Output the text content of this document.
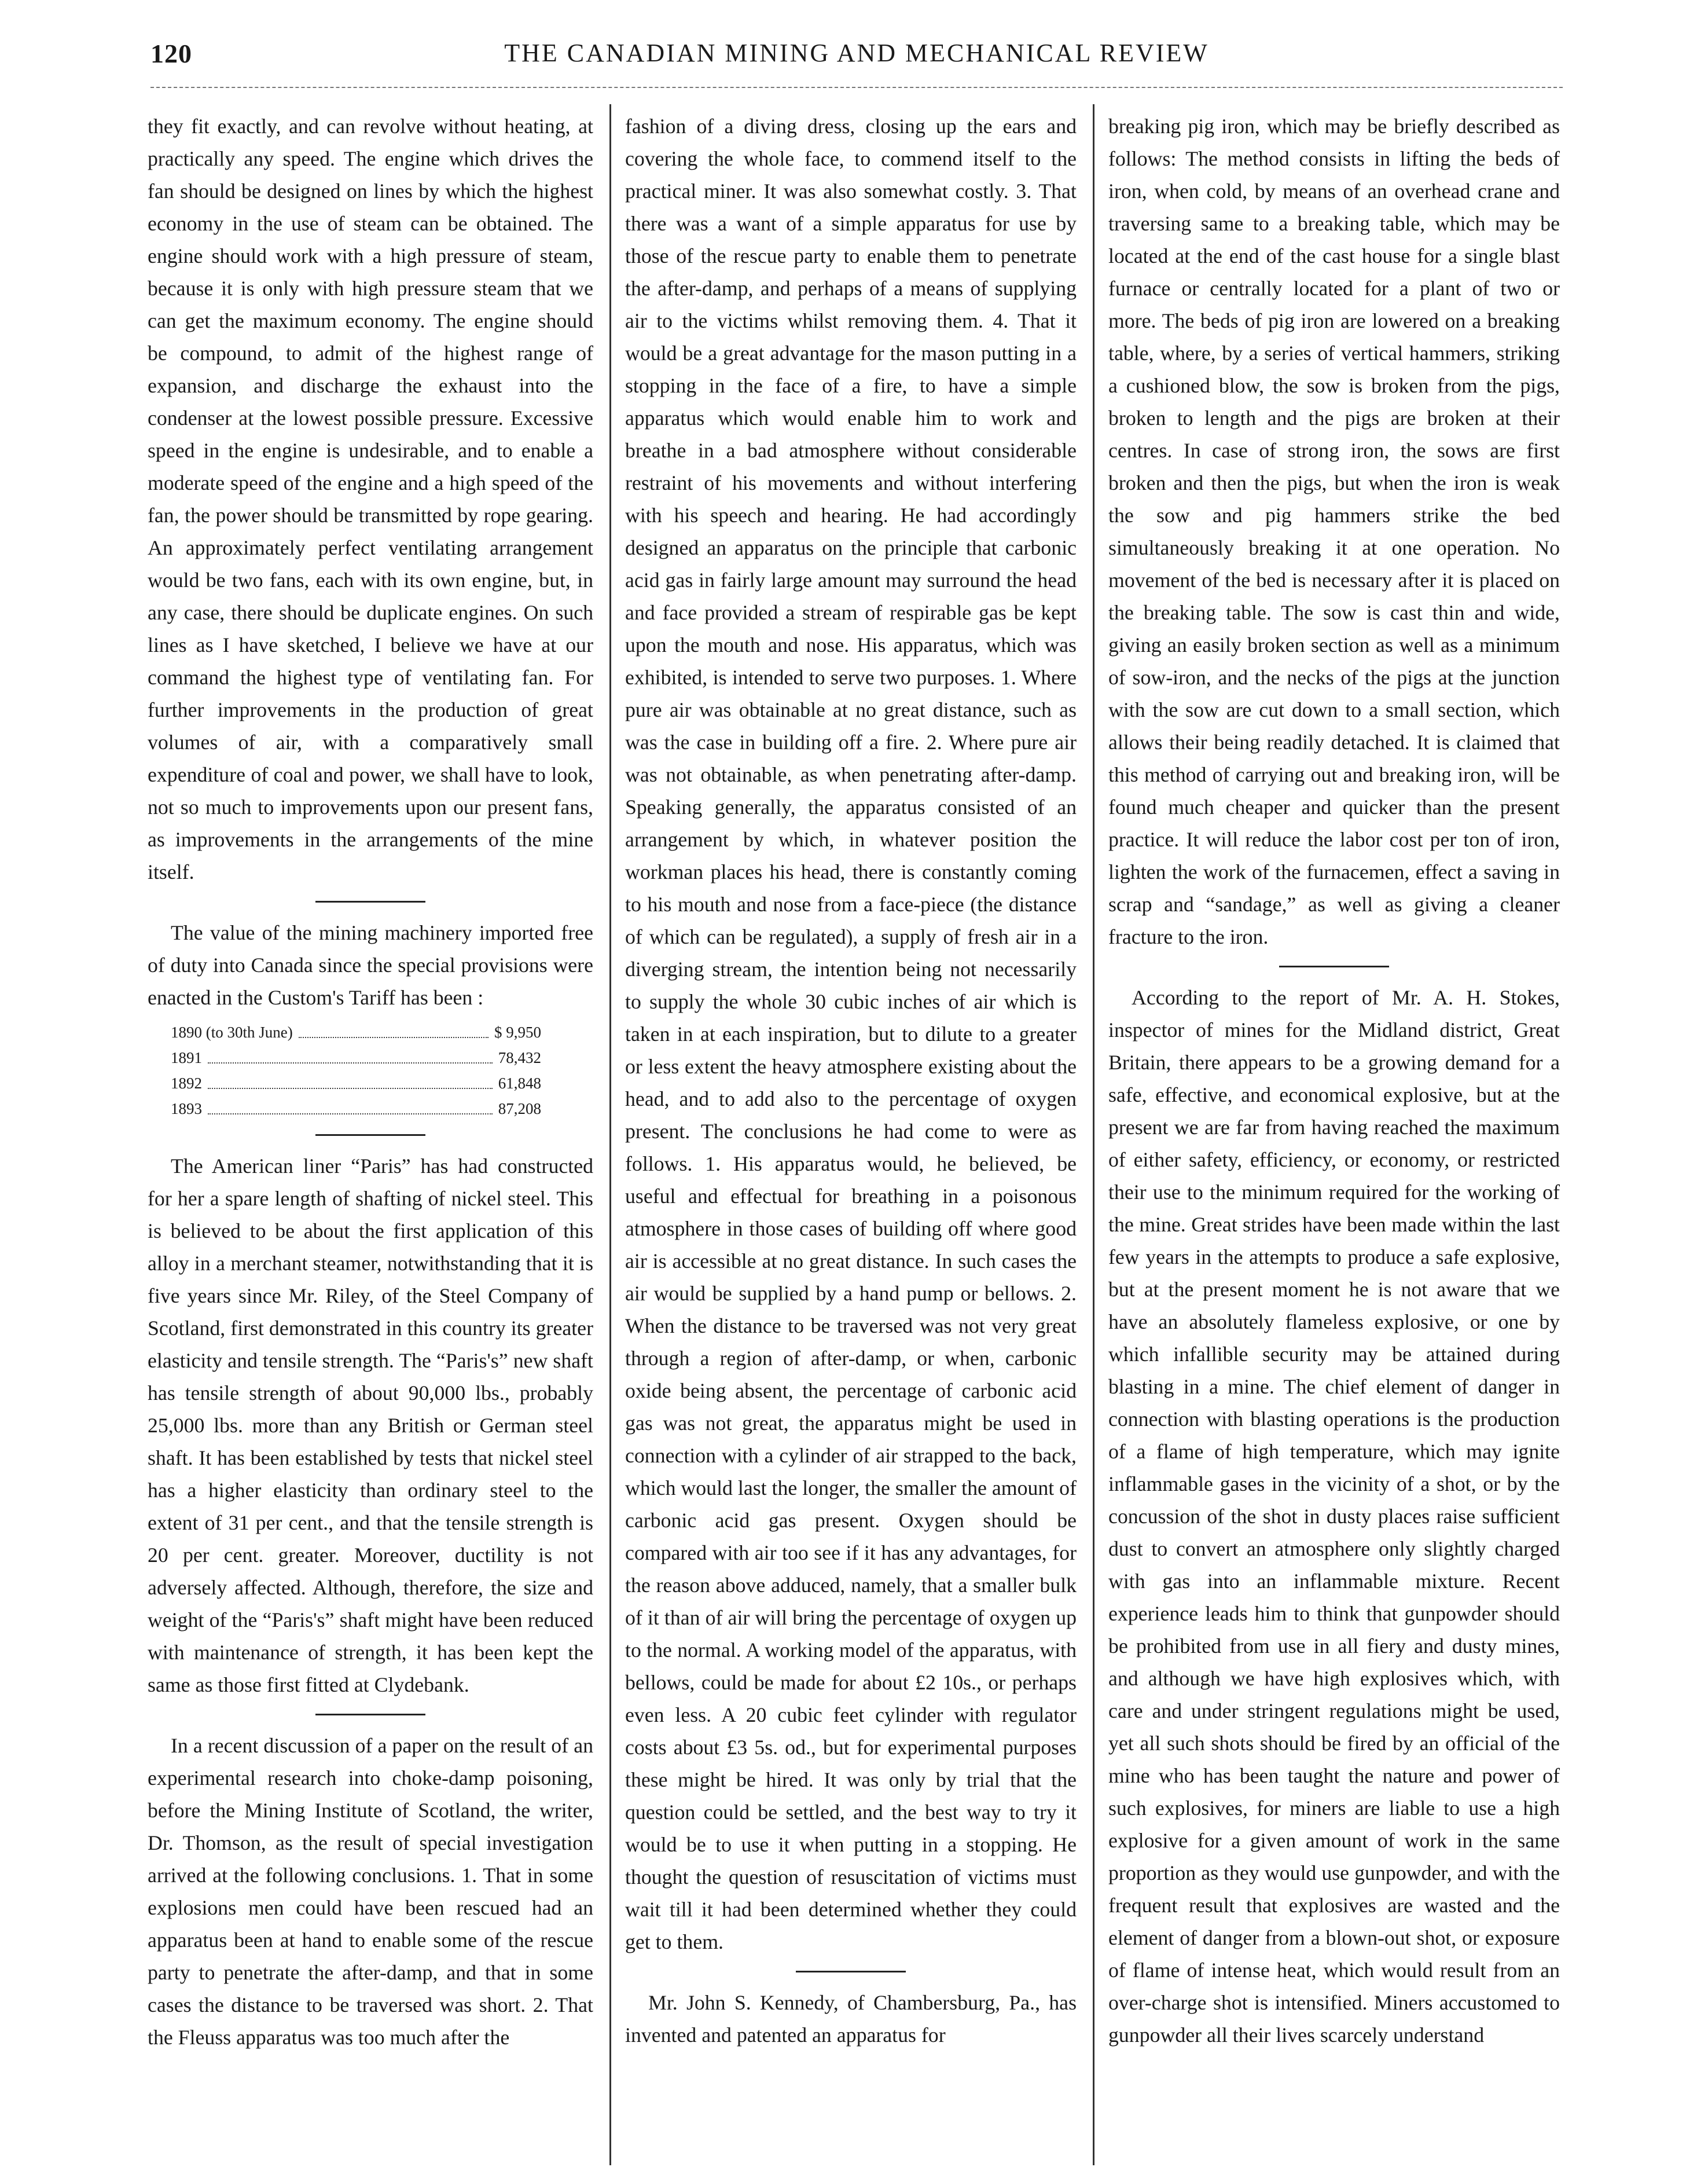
120	THE CANADIAN MINING AND MECHANICAL REVIEW

they fit exactly, and can revolve without heating, at practically any speed. The engine which drives the fan should be designed on lines by which the highest economy in the use of steam can be obtained. The engine should work with a high pressure of steam, because it is only with high pressure steam that we can get the maximum economy. The engine should be compound, to admit of the highest range of expansion, and discharge the exhaust into the condenser at the lowest possible pressure. Excessive speed in the engine is undesirable, and to enable a moderate speed of the engine and a high speed of the fan, the power should be transmitted by rope gearing. An approximately perfect ventilating arrangement would be two fans, each with its own engine, but, in any case, there should be duplicate engines. On such lines as I have sketched, I believe we have at our command the highest type of ventilating fan. For further improvements in the production of great volumes of air, with a comparatively small expenditure of coal and power, we shall have to look, not so much to improvements upon our present fans, as improvements in the arrangements of the mine itself.

The value of the mining machinery imported free of duty into Canada since the special provisions were enacted in the Custom's Tariff has been :

1890 (to 30th June)	$ 9,950
1891	78,432
1892	61,848
1893	87,208

The American liner “Paris” has had constructed for her a spare length of shafting of nickel steel. This is believed to be about the first application of this alloy in a merchant steamer, notwithstanding that it is five years since Mr. Riley, of the Steel Company of Scotland, first demonstrated in this country its greater elasticity and tensile strength. The “Paris's” new shaft has tensile strength of about 90,000 lbs., probably 25,000 lbs. more than any British or German steel shaft. It has been established by tests that nickel steel has a higher elasticity than ordinary steel to the extent of 31 per cent., and that the tensile strength is 20 per cent. greater. Moreover, ductility is not adversely affected. Although, therefore, the size and weight of the “Paris's” shaft might have been reduced with maintenance of strength, it has been kept the same as those first fitted at Clydebank.

In a recent discussion of a paper on the result of an experimental research into choke-damp poisoning, before the Mining Institute of Scotland, the writer, Dr. Thomson, as the result of special investigation arrived at the following conclusions. 1. That in some explosions men could have been rescued had an apparatus been at hand to enable some of the rescue party to penetrate the after-damp, and that in some cases the distance to be traversed was short. 2. That the Fleuss apparatus was too much after the

fashion of a diving dress, closing up the ears and covering the whole face, to commend itself to the practical miner. It was also somewhat costly. 3. That there was a want of a simple apparatus for use by those of the rescue party to enable them to penetrate the after-damp, and perhaps of a means of supplying air to the victims whilst removing them. 4. That it would be a great advantage for the mason putting in a stopping in the face of a fire, to have a simple apparatus which would enable him to work and breathe in a bad atmosphere without considerable restraint of his movements and without interfering with his speech and hearing. He had accordingly designed an apparatus on the principle that carbonic acid gas in fairly large amount may surround the head and face provided a stream of respirable gas be kept upon the mouth and nose. His apparatus, which was exhibited, is intended to serve two purposes. 1. Where pure air was obtainable at no great distance, such as was the case in building off a fire. 2. Where pure air was not obtainable, as when penetrating after-damp. Speaking generally, the apparatus consisted of an arrangement by which, in whatever position the workman places his head, there is constantly coming to his mouth and nose from a face-piece (the distance of which can be regulated), a supply of fresh air in a diverging stream, the intention being not necessarily to supply the whole 30 cubic inches of air which is taken in at each inspiration, but to dilute to a greater or less extent the heavy atmosphere existing about the head, and to add also to the percentage of oxygen present. The conclusions he had come to were as follows. 1. His apparatus would, he believed, be useful and effectual for breathing in a poisonous atmosphere in those cases of building off where good air is accessible at no great distance. In such cases the air would be supplied by a hand pump or bellows. 2. When the distance to be traversed was not very great through a region of after-damp, or when, carbonic oxide being absent, the percentage of carbonic acid gas was not great, the apparatus might be used in connection with a cylinder of air strapped to the back, which would last the longer, the smaller the amount of carbonic acid gas present. Oxygen should be compared with air too see if it has any advantages, for the reason above adduced, namely, that a smaller bulk of it than of air will bring the percentage of oxygen up to the normal. A working model of the apparatus, with bellows, could be made for about £2 10s., or perhaps even less. A 20 cubic feet cylinder with regulator costs about £3 5s. od., but for experimental purposes these might be hired. It was only by trial that the question could be settled, and the best way to try it would be to use it when putting in a stopping. He thought the question of resuscitation of victims must wait till it had been determined whether they could get to them.

Mr. John S. Kennedy, of Chambersburg, Pa., has invented and patented an apparatus for

breaking pig iron, which may be briefly described as follows: The method consists in lifting the beds of iron, when cold, by means of an overhead crane and traversing same to a breaking table, which may be located at the end of the cast house for a single blast furnace or centrally located for a plant of two or more. The beds of pig iron are lowered on a breaking table, where, by a series of vertical hammers, striking a cushioned blow, the sow is broken from the pigs, broken to length and the pigs are broken at their centres. In case of strong iron, the sows are first broken and then the pigs, but when the iron is weak the sow and pig hammers strike the bed simultaneously breaking it at one operation. No movement of the bed is necessary after it is placed on the breaking table. The sow is cast thin and wide, giving an easily broken section as well as a minimum of sow-iron, and the necks of the pigs at the junction with the sow are cut down to a small section, which allows their being readily detached. It is claimed that this method of carrying out and breaking iron, will be found much cheaper and quicker than the present practice. It will reduce the labor cost per ton of iron, lighten the work of the furnacemen, effect a saving in scrap and “sandage,” as well as giving a cleaner fracture to the iron.

According to the report of Mr. A. H. Stokes, inspector of mines for the Midland district, Great Britain, there appears to be a growing demand for a safe, effective, and economical explosive, but at the present we are far from having reached the maximum of either safety, efficiency, or economy, or restricted their use to the minimum required for the working of the mine. Great strides have been made within the last few years in the attempts to produce a safe explosive, but at the present moment he is not aware that we have an absolutely flameless explosive, or one by which infallible security may be attained during blasting in a mine. The chief element of danger in connection with blasting operations is the production of a flame of high temperature, which may ignite inflammable gases in the vicinity of a shot, or by the concussion of the shot in dusty places raise sufficient dust to convert an atmosphere only slightly charged with gas into an inflammable mixture. Recent experience leads him to think that gunpowder should be prohibited from use in all fiery and dusty mines, and although we have high explosives which, with care and under stringent regulations might be used, yet all such shots should be fired by an official of the mine who has been taught the nature and power of such explosives, for miners are liable to use a high explosive for a given amount of work in the same proportion as they would use gunpowder, and with the frequent result that explosives are wasted and the element of danger from a blown-out shot, or exposure of flame of intense heat, which would result from an over-charge shot is intensified. Miners accustomed to gunpowder all their lives scarcely understand
